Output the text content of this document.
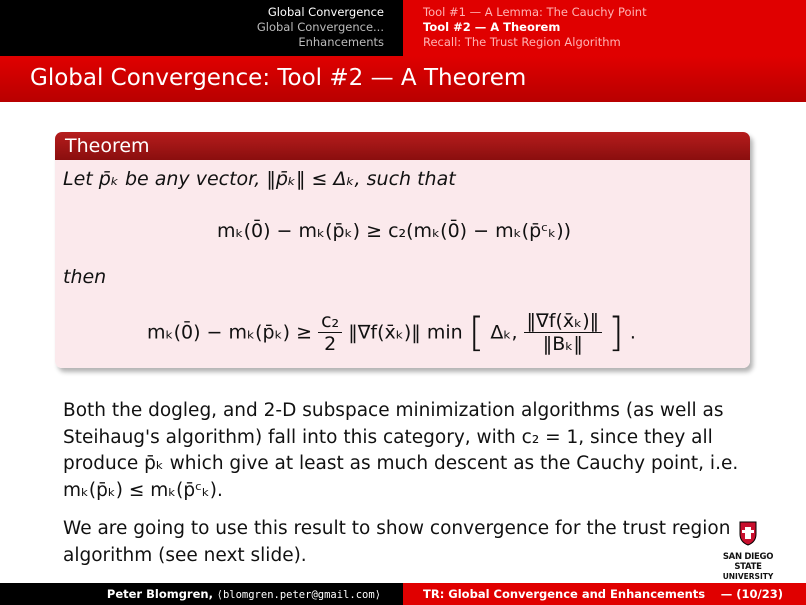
Global Convergence
Global Convergence...
Enhancements
Tool #1 — A Lemma: The Cauchy Point
Tool #2 — A Theorem
Recall: The Trust Region Algorithm
Global Convergence: Tool #2 — A Theorem
Theorem
Let p̄ₖ be any vector, ‖p̄ₖ‖ ≤ Δₖ, such that
mₖ(0̄) − mₖ(p̄ₖ) ≥ c₂(mₖ(0̄) − mₖ(p̄ᶜₖ))
then
mₖ(0̄) − mₖ(p̄ₖ) ≥ $\frac{\text{c₂}}{2}$ ‖∇f(x̄ₖ)‖ min [ Δₖ, $\frac{\text{‖∇f(x̄ₖ)‖}}{\text{‖Bₖ‖}}$ ] .
Both the dogleg, and 2-D subspace minimization algorithms (as well as
Steihaug's algorithm) fall into this category, with c₂ = 1, since they all
produce p̄ₖ which give at least as much descent as the Cauchy point, i.e.
mₖ(p̄ₖ) ≤ mₖ(p̄ᶜₖ).
We are going to use this result to show convergence for the trust region
algorithm (see next slide).	SAN DIEGO STATE
UNIVERSITY
Peter Blomgren, ⟨blomgren.peter@gmail.com⟩	TR: Global Convergence and Enhancements — (10/23)
